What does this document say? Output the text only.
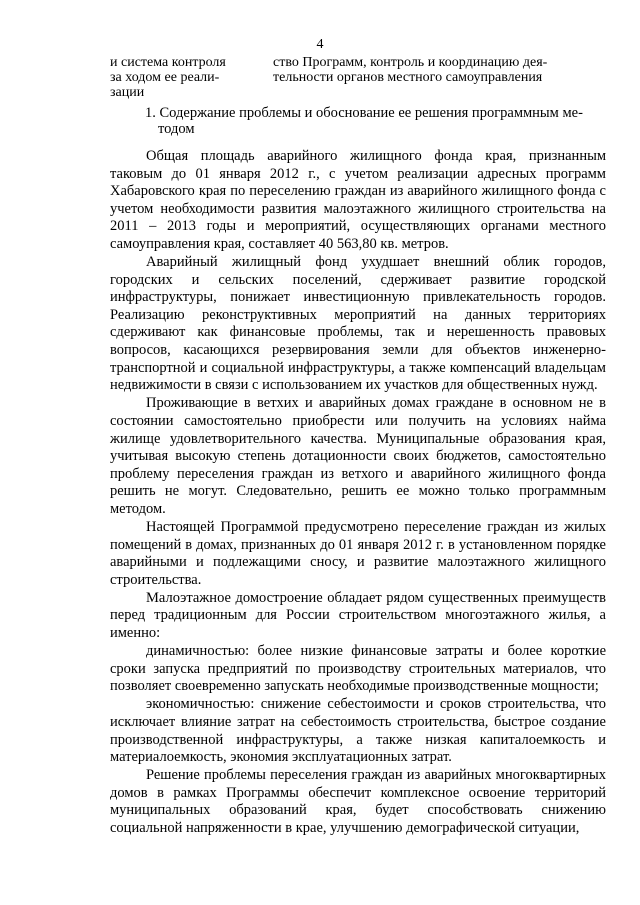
4
и система контроля
за ходом ее реали-
зации
ство Программ, контроль и координацию дея-
тельности органов местного самоуправления
1. Содержание проблемы и обоснование ее решения программным ме-
тодом

Общая площадь аварийного жилищного фонда края, признанным таковым до 01 января 2012 г., с учетом реализации адресных программ Хабаровского края по переселению граждан из аварийного жилищного фонда с учетом необходимости развития малоэтажного жилищного строительства на 2011 – 2013 годы и мероприятий, осуществляющих органами местного самоуправления края, составляет 40 563,80 кв. метров.

Аварийный жилищный фонд ухудшает внешний облик городов, городских и сельских поселений, сдерживает развитие городской инфраструктуры, понижает инвестиционную привлекательность городов. Реализацию реконструктивных мероприятий на данных территориях сдерживают как финансовые проблемы, так и нерешенность правовых вопросов, касающихся резервирования земли для объектов инженерно-транспортной и социальной инфраструктуры, а также компенсаций владельцам недвижимости в связи с использованием их участков для общественных нужд.

Проживающие в ветхих и аварийных домах граждане в основном не в состоянии самостоятельно приобрести или получить на условиях найма жилище удовлетворительного качества. Муниципальные образования края, учитывая высокую степень дотационности своих бюджетов, самостоятельно проблему переселения граждан из ветхого и аварийного жилищного фонда решить не могут. Следовательно, решить ее можно только программным методом.

Настоящей Программой предусмотрено переселение граждан из жилых помещений в домах, признанных до 01 января 2012 г. в установленном порядке аварийными и подлежащими сносу, и развитие малоэтажного жилищного строительства.

Малоэтажное домостроение обладает рядом существенных преимуществ перед традиционным для России строительством многоэтажного жилья, а именно:

динамичностью: более низкие финансовые затраты и более короткие сроки запуска предприятий по производству строительных материалов, что позволяет своевременно запускать необходимые производственные мощности;

экономичностью: снижение себестоимости и сроков строительства, что исключает влияние затрат на себестоимость строительства, быстрое создание производственной инфраструктуры, а также низкая капиталоемкость и материалоемкость, экономия эксплуатационных затрат.

Решение проблемы переселения граждан из аварийных многоквартирных домов в рамках Программы обеспечит комплексное освоение территорий муниципальных образований края, будет способствовать снижению социальной напряженности в крае, улучшению демографической ситуации,
